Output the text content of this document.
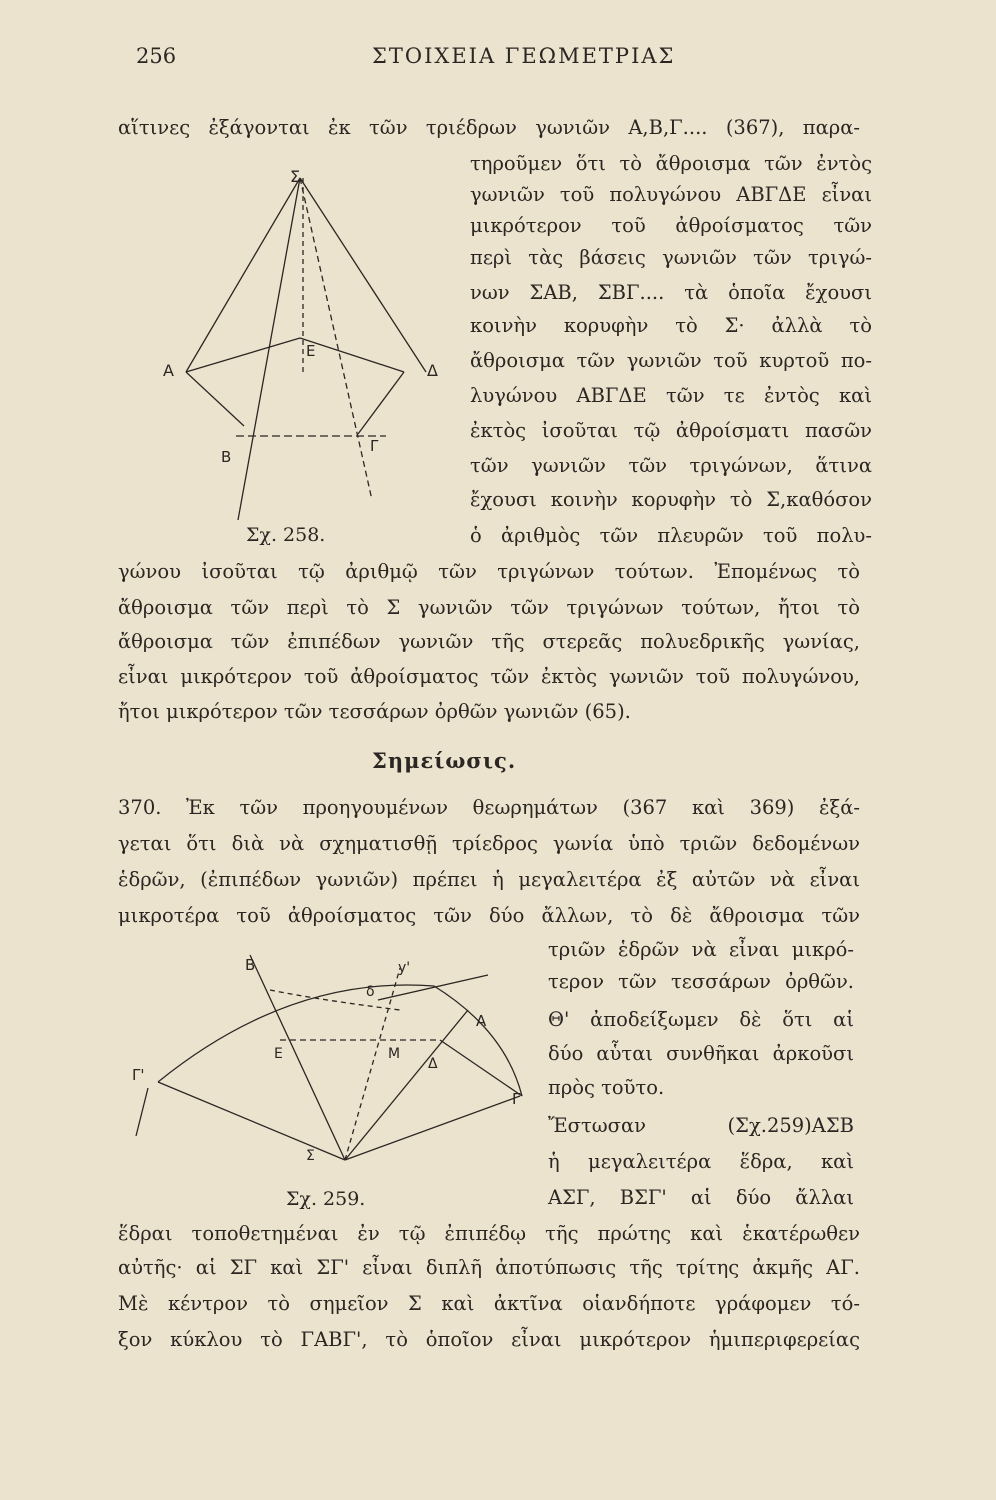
256	ΣΤΟΙΧΕΙΑ ΓΕΩΜΕΤΡΙΑΣ
αἵτινες ἐξάγονται ἐκ τῶν τριέδρων γωνιῶν Α,Β,Γ.... (367), παρα-
τηροῦμεν ὅτι τὸ ἄθροισμα τῶν ἐντὸς
γωνιῶν τοῦ πολυγώνου ΑΒΓΔΕ εἶναι
μικρότερον τοῦ ἀθροίσματος τῶν
περὶ τὰς βάσεις γωνιῶν τῶν τριγώ-
νων ΣΑΒ, ΣΒΓ.... τὰ ὁποῖα ἔχουσι
κοινὴν κορυφὴν τὸ Σ· ἀλλὰ τὸ
ἄθροισμα τῶν γωνιῶν τοῦ κυρτοῦ πο-
λυγώνου ΑΒΓΔΕ τῶν τε ἐντὸς καὶ
ἐκτὸς ἰσοῦται τῷ ἀθροίσματι πασῶν
τῶν γωνιῶν τῶν τριγώνων, ἅτινα
ἔχουσι κοινὴν κορυφὴν τὸ Σ,καθόσον
ὁ ἀριθμὸς τῶν πλευρῶν τοῦ πολυ-
γώνου ἰσοῦται τῷ ἀριθμῷ τῶν τριγώνων τούτων. Ἐπομένως τὸ
ἄθροισμα τῶν περὶ τὸ Σ γωνιῶν τῶν τριγώνων τούτων, ἤτοι τὸ
ἄθροισμα τῶν ἐπιπέδων γωνιῶν τῆς στερεᾶς πολυεδρικῆς γωνίας,
εἶναι μικρότερον τοῦ ἀθροίσματος τῶν ἐκτὸς γωνιῶν τοῦ πολυγώνου,
ἤτοι μικρότερον τῶν τεσσάρων ὀρθῶν γωνιῶν (65).
Σ
Α	Δ
Ε
Β
Γ
Σχ. 258.
Σημείωσις.
370. Ἐκ τῶν προηγουμένων θεωρημάτων (367 καὶ 369) ἐξά-
γεται ὅτι διὰ νὰ σχηματισθῇ τρίεδρος γωνία ὑπὸ τριῶν δεδομένων
ἑδρῶν, (ἐπιπέδων γωνιῶν) πρέπει ἡ μεγαλειτέρα ἐξ αὐτῶν νὰ εἶναι
μικροτέρα τοῦ ἀθροίσματος τῶν δύο ἄλλων, τὸ δὲ ἄθροισμα τῶν
τριῶν ἑδρῶν νὰ εἶναι μικρό-
τερον τῶν τεσσάρων ὀρθῶν.
Θ' ἀποδείξωμεν δὲ ὅτι αἱ
δύο αὗται συνθῆκαι ἀρκοῦσι
πρὸς τοῦτο.
Ἔστωσαν (Σχ.259)ΑΣΒ
ἡ μεγαλειτέρα ἕδρα, καὶ
ΑΣΓ, ΒΣΓ' αἱ δύο ἄλλαι
ἕδραι τοποθετημέναι ἐν τῷ ἐπιπέδῳ τῆς πρώτης καὶ ἑκατέρωθεν
αὐτῆς· αἱ ΣΓ καὶ ΣΓ' εἶναι διπλῆ ἀποτύπωσις τῆς τρίτης ἀκμῆς ΑΓ.
Μὲ κέντρον τὸ σημεῖον Σ καὶ ἀκτῖνα οἱανδήποτε γράφομεν τό-
ξον κύκλου τὸ ΓΑΒΓ', τὸ ὁποῖον εἶναι μικρότερον ἡμιπεριφερείας
Β	y'
δ
Α
Ε	Μ
Δ
Γ'
Γ
Σ
Σχ. 259.
